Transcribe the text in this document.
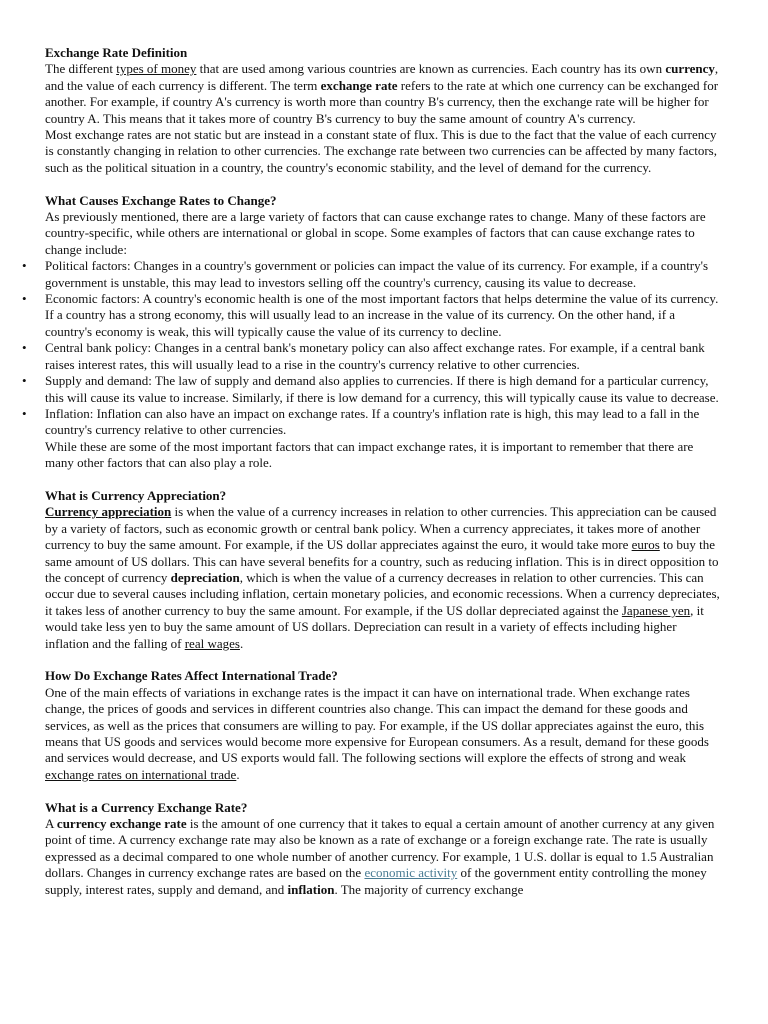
Exchange Rate Definition

The different types of money that are used among various countries are known as currencies. Each country has its own currency, and the value of each currency is different. The term exchange rate refers to the rate at which one currency can be exchanged for another. For example, if country A's currency is worth more than country B's currency, then the exchange rate will be higher for country A. This means that it takes more of country B's currency to buy the same amount of country A's currency.

Most exchange rates are not static but are instead in a constant state of flux. This is due to the fact that the value of each currency is constantly changing in relation to other currencies. The exchange rate between two currencies can be affected by many factors, such as the political situation in a country, the country's economic stability, and the level of demand for the currency.

What Causes Exchange Rates to Change?

As previously mentioned, there are a large variety of factors that can cause exchange rates to change. Many of these factors are country-specific, while others are international or global in scope. Some examples of factors that can cause exchange rates to change include:

• Political factors: Changes in a country's government or policies can impact the value of its currency. For example, if a country's government is unstable, this may lead to investors selling off the country's currency, causing its value to decrease.
• Economic factors: A country's economic health is one of the most important factors that helps determine the value of its currency. If a country has a strong economy, this will usually lead to an increase in the value of its currency. On the other hand, if a country's economy is weak, this will typically cause the value of its currency to decline.
• Central bank policy: Changes in a central bank's monetary policy can also affect exchange rates. For example, if a central bank raises interest rates, this will usually lead to a rise in the country's currency relative to other currencies.
• Supply and demand: The law of supply and demand also applies to currencies. If there is high demand for a particular currency, this will cause its value to increase. Similarly, if there is low demand for a currency, this will typically cause its value to decrease.
• Inflation: Inflation can also have an impact on exchange rates. If a country's inflation rate is high, this may lead to a fall in the country's currency relative to other currencies.

While these are some of the most important factors that can impact exchange rates, it is important to remember that there are many other factors that can also play a role.

What is Currency Appreciation?

Currency appreciation is when the value of a currency increases in relation to other currencies. This appreciation can be caused by a variety of factors, such as economic growth or central bank policy. When a currency appreciates, it takes more of another currency to buy the same amount. For example, if the US dollar appreciates against the euro, it would take more euros to buy the same amount of US dollars. This can have several benefits for a country, such as reducing inflation. This is in direct opposition to the concept of currency depreciation, which is when the value of a currency decreases in relation to other currencies. This can occur due to several causes including inflation, certain monetary policies, and economic recessions. When a currency depreciates, it takes less of another currency to buy the same amount. For example, if the US dollar depreciated against the Japanese yen, it would take less yen to buy the same amount of US dollars. Depreciation can result in a variety of effects including higher inflation and the falling of real wages.

How Do Exchange Rates Affect International Trade?

One of the main effects of variations in exchange rates is the impact it can have on international trade. When exchange rates change, the prices of goods and services in different countries also change. This can impact the demand for these goods and services, as well as the prices that consumers are willing to pay. For example, if the US dollar appreciates against the euro, this means that US goods and services would become more expensive for European consumers. As a result, demand for these goods and services would decrease, and US exports would fall. The following sections will explore the effects of strong and weak exchange rates on international trade.

What is a Currency Exchange Rate?

A currency exchange rate is the amount of one currency that it takes to equal a certain amount of another currency at any given point of time. A currency exchange rate may also be known as a rate of exchange or a foreign exchange rate. The rate is usually expressed as a decimal compared to one whole number of another currency. For example, 1 U.S. dollar is equal to 1.5 Australian dollars. Changes in currency exchange rates are based on the economic activity of the government entity controlling the money supply, interest rates, supply and demand, and inflation. The majority of currency exchange
